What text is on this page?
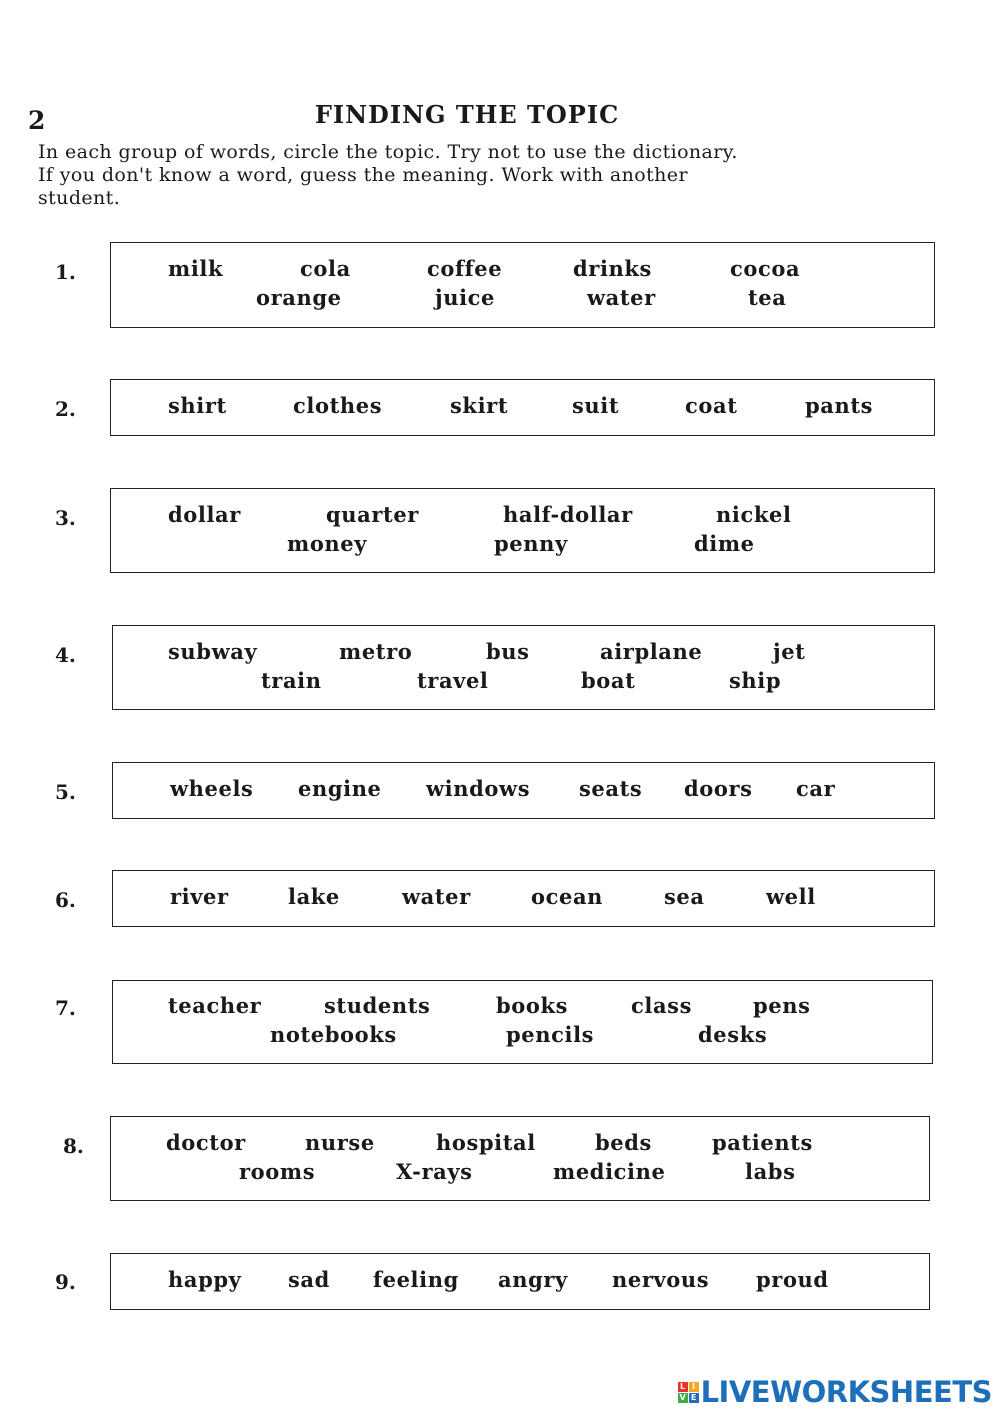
2	FINDING THE TOPIC
In each group of words, circle the topic. Try not to use the dictionary.
If you don't know a word, guess the meaning. Work with another
student.
1.	milk	cola	coffee	drinks	cocoa
orange	juice	water	tea
2.	shirt	clothes	skirt	suit	coat	pants
3.	dollar	quarter	half-dollar	nickel
money	penny	dime
4.	subway	metro	bus	airplane	jet
train	travel	boat	ship
5.	wheels engine windows seats doors car
6.	river	lake	water	ocean	sea	well
7.	teacher	students	books	class	pens
notebooks	pencils	desks
8.	doctor	nurse	hospital	beds	patients
rooms	X-rays	medicine	labs
9.	happy sad feeling angry nervous proud
L I
V E LIVEWORKSHEETS
